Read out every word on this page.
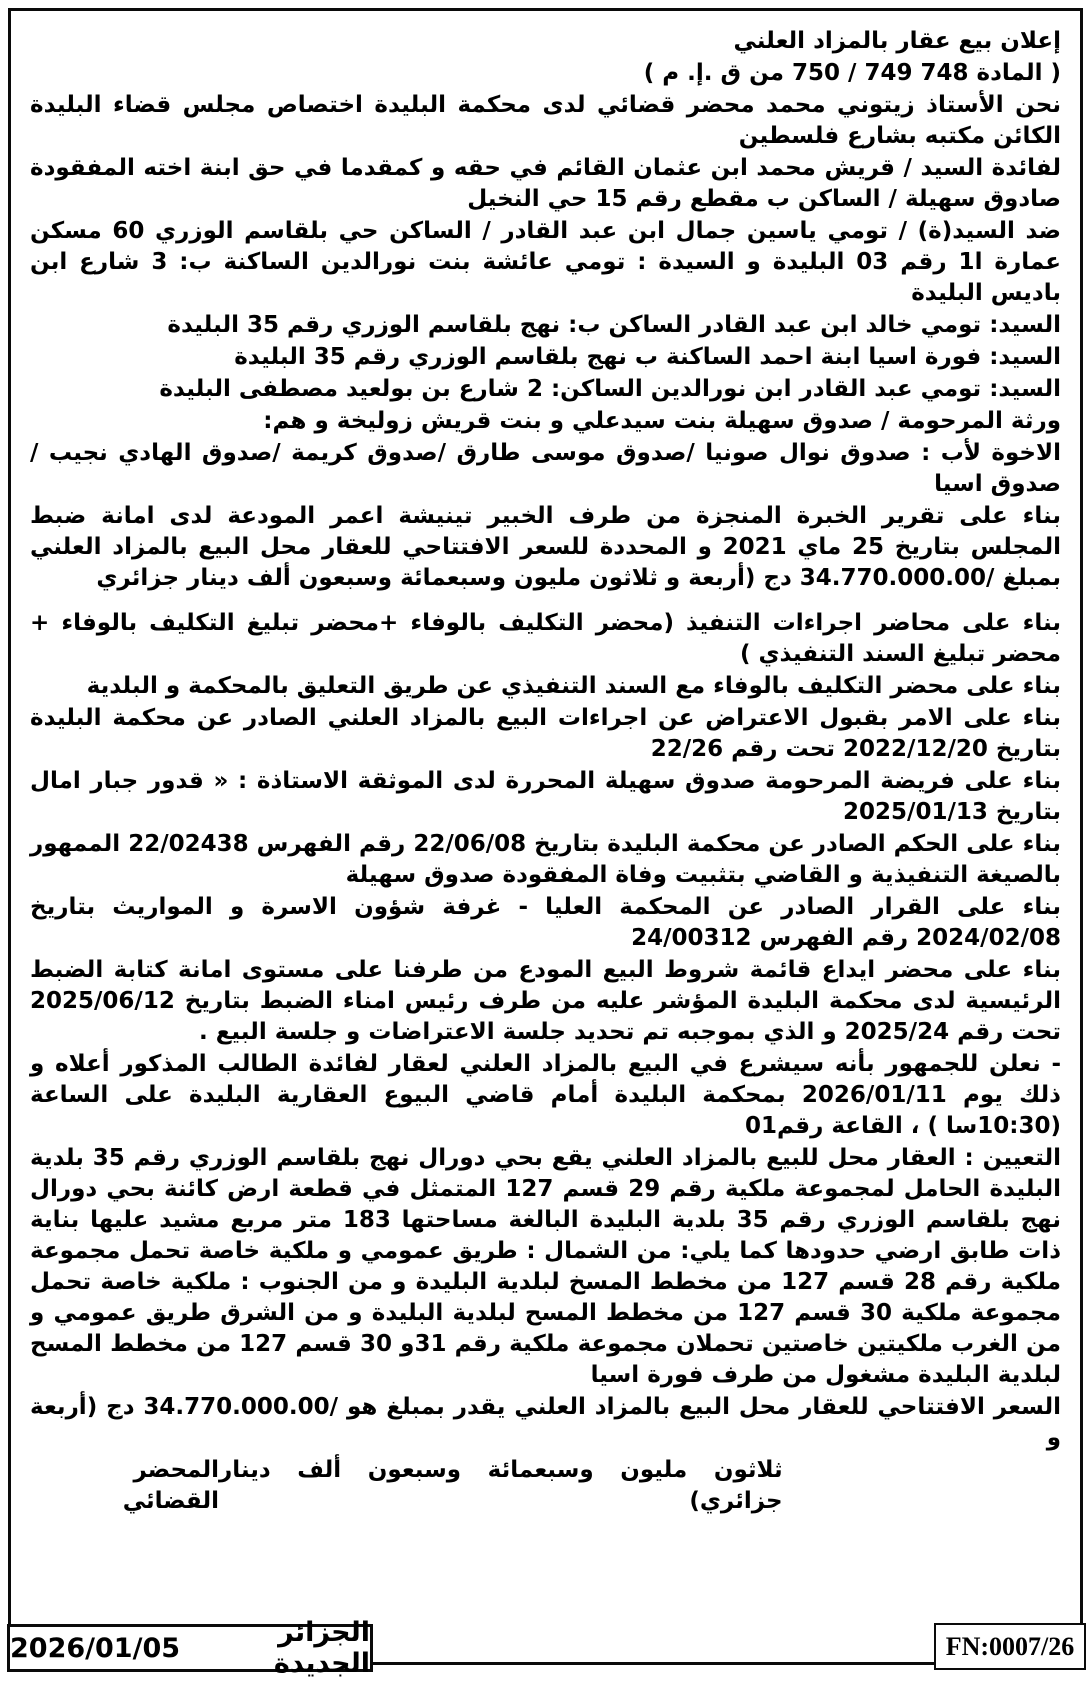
إعلان بيع عقار بالمزاد العلني

( المادة 748 749 / 750 من ق .إ. م )

نحن الأستاذ زيتوني محمد محضر قضائي لدى محكمة البليدة اختصاص مجلس قضاء البليدة الكائن مكتبه بشارع فلسطين

لفائدة السيد / قريش محمد ابن عثمان القائم في حقه و كمقدما في حق ابنة اخته المفقودة صادوق سهيلة / الساكن ب مقطع رقم 15 حي النخيل

ضد السيد(ة) / تومي ياسين جمال ابن عبد القادر / الساكن حي بلقاسم الوزري 60 مسكن عمارة ا1 رقم 03 البليدة و السيدة : تومي عائشة بنت نورالدين الساكنة ب: 3 شارع ابن باديس البليدة

السيد: تومي خالد ابن عبد القادر الساكن ب: نهج بلقاسم الوزري رقم 35 البليدة

السيد: فورة اسيا ابنة احمد الساكنة ب نهج بلقاسم الوزري رقم 35 البليدة

السيد: تومي عبد القادر ابن نورالدين الساكن: 2 شارع بن بولعيد مصطفى البليدة

ورثة المرحومة / صدوق سهيلة بنت سيدعلي و بنت قريش زوليخة و هم:

الاخوة لأب : صدوق نوال صونيا /صدوق موسى طارق /صدوق كريمة /صدوق الهادي نجيب /صدوق اسيا

بناء على تقرير الخبرة المنجزة من طرف الخبير تينيشة اعمر المودعة لدى امانة ضبط المجلس بتاريخ 25 ماي 2021 و المحددة للسعر الافتتاحي للعقار محل البيع بالمزاد العلني بمبلغ /34.770.000.00 دج (أربعة و ثلاثون مليون وسبعمائة وسبعون ألف دينار جزائري

بناء على محاضر اجراءات التنفيذ (محضر التكليف بالوفاء +محضر تبليغ التكليف بالوفاء + محضر تبليغ السند التنفيذي )

بناء على محضر التكليف بالوفاء مع السند التنفيذي عن طريق التعليق بالمحكمة و البلدية

بناء على الامر بقبول الاعتراض عن اجراءات البيع بالمزاد العلني الصادر عن محكمة البليدة بتاريخ 2022/12/20 تحت رقم 22/26

بناء على فريضة المرحومة صدوق سهيلة المحررة لدى الموثقة الاستاذة : « قدور جبار امال بتاريخ 2025/01/13

بناء على الحكم الصادر عن محكمة البليدة بتاريخ 22/06/08 رقم الفهرس 22/02438 الممهور بالصيغة التنفيذية و القاضي بتثبيت وفاة المفقودة صدوق سهيلة

بناء على القرار الصادر عن المحكمة العليا - غرفة شؤون الاسرة و المواريث بتاريخ 2024/02/08 رقم الفهرس 24/00312

بناء على محضر ايداع قائمة شروط البيع المودع من طرفنا على مستوى امانة كتابة الضبط الرئيسية لدى محكمة البليدة المؤشر عليه من طرف رئيس امناء الضبط بتاريخ 2025/06/12 تحت رقم 2025/24 و الذي بموجبه تم تحديد جلسة الاعتراضات و جلسة البيع .

- نعلن للجمهور بأنه سيشرع في البيع بالمزاد العلني لعقار لفائدة الطالب المذكور أعلاه و ذلك يوم 2026/01/11 بمحكمة البليدة أمام قاضي البيوع العقارية البليدة على الساعة (10:30سا ) ، القاعة رقم01

التعيين : العقار محل للبيع بالمزاد العلني يقع بحي دورال نهج بلقاسم الوزري رقم 35 بلدية البليدة الحامل لمجموعة ملكية رقم 29 قسم 127 المتمثل في قطعة ارض كائنة بحي دورال نهج بلقاسم الوزري رقم 35 بلدية البليدة البالغة مساحتها 183 متر مربع مشيد عليها بناية ذات طابق ارضي حدودها كما يلي: من الشمال : طريق عمومي و ملكية خاصة تحمل مجموعة ملكية رقم 28 قسم 127 من مخطط المسخ لبلدية البليدة و من الجنوب : ملكية خاصة تحمل مجموعة ملكية 30 قسم 127 من مخطط المسح لبلدية البليدة و من الشرق طريق عمومي و من الغرب ملكيتين خاصتين تحملان مجموعة ملكية رقم 31و 30 قسم 127 من مخطط المسح لبلدية البليدة مشغول من طرف فورة اسيا

السعر الافتتاحي للعقار محل البيع بالمزاد العلني يقدر بمبلغ هو /34.770.000.00 دج (أربعة و

ثلاثون مليون وسبعمائة وسبعون ألف دينار جزائري)
المحضر القضائي
الجزائر الجديدة
2026/01/05	FN:0007/26
